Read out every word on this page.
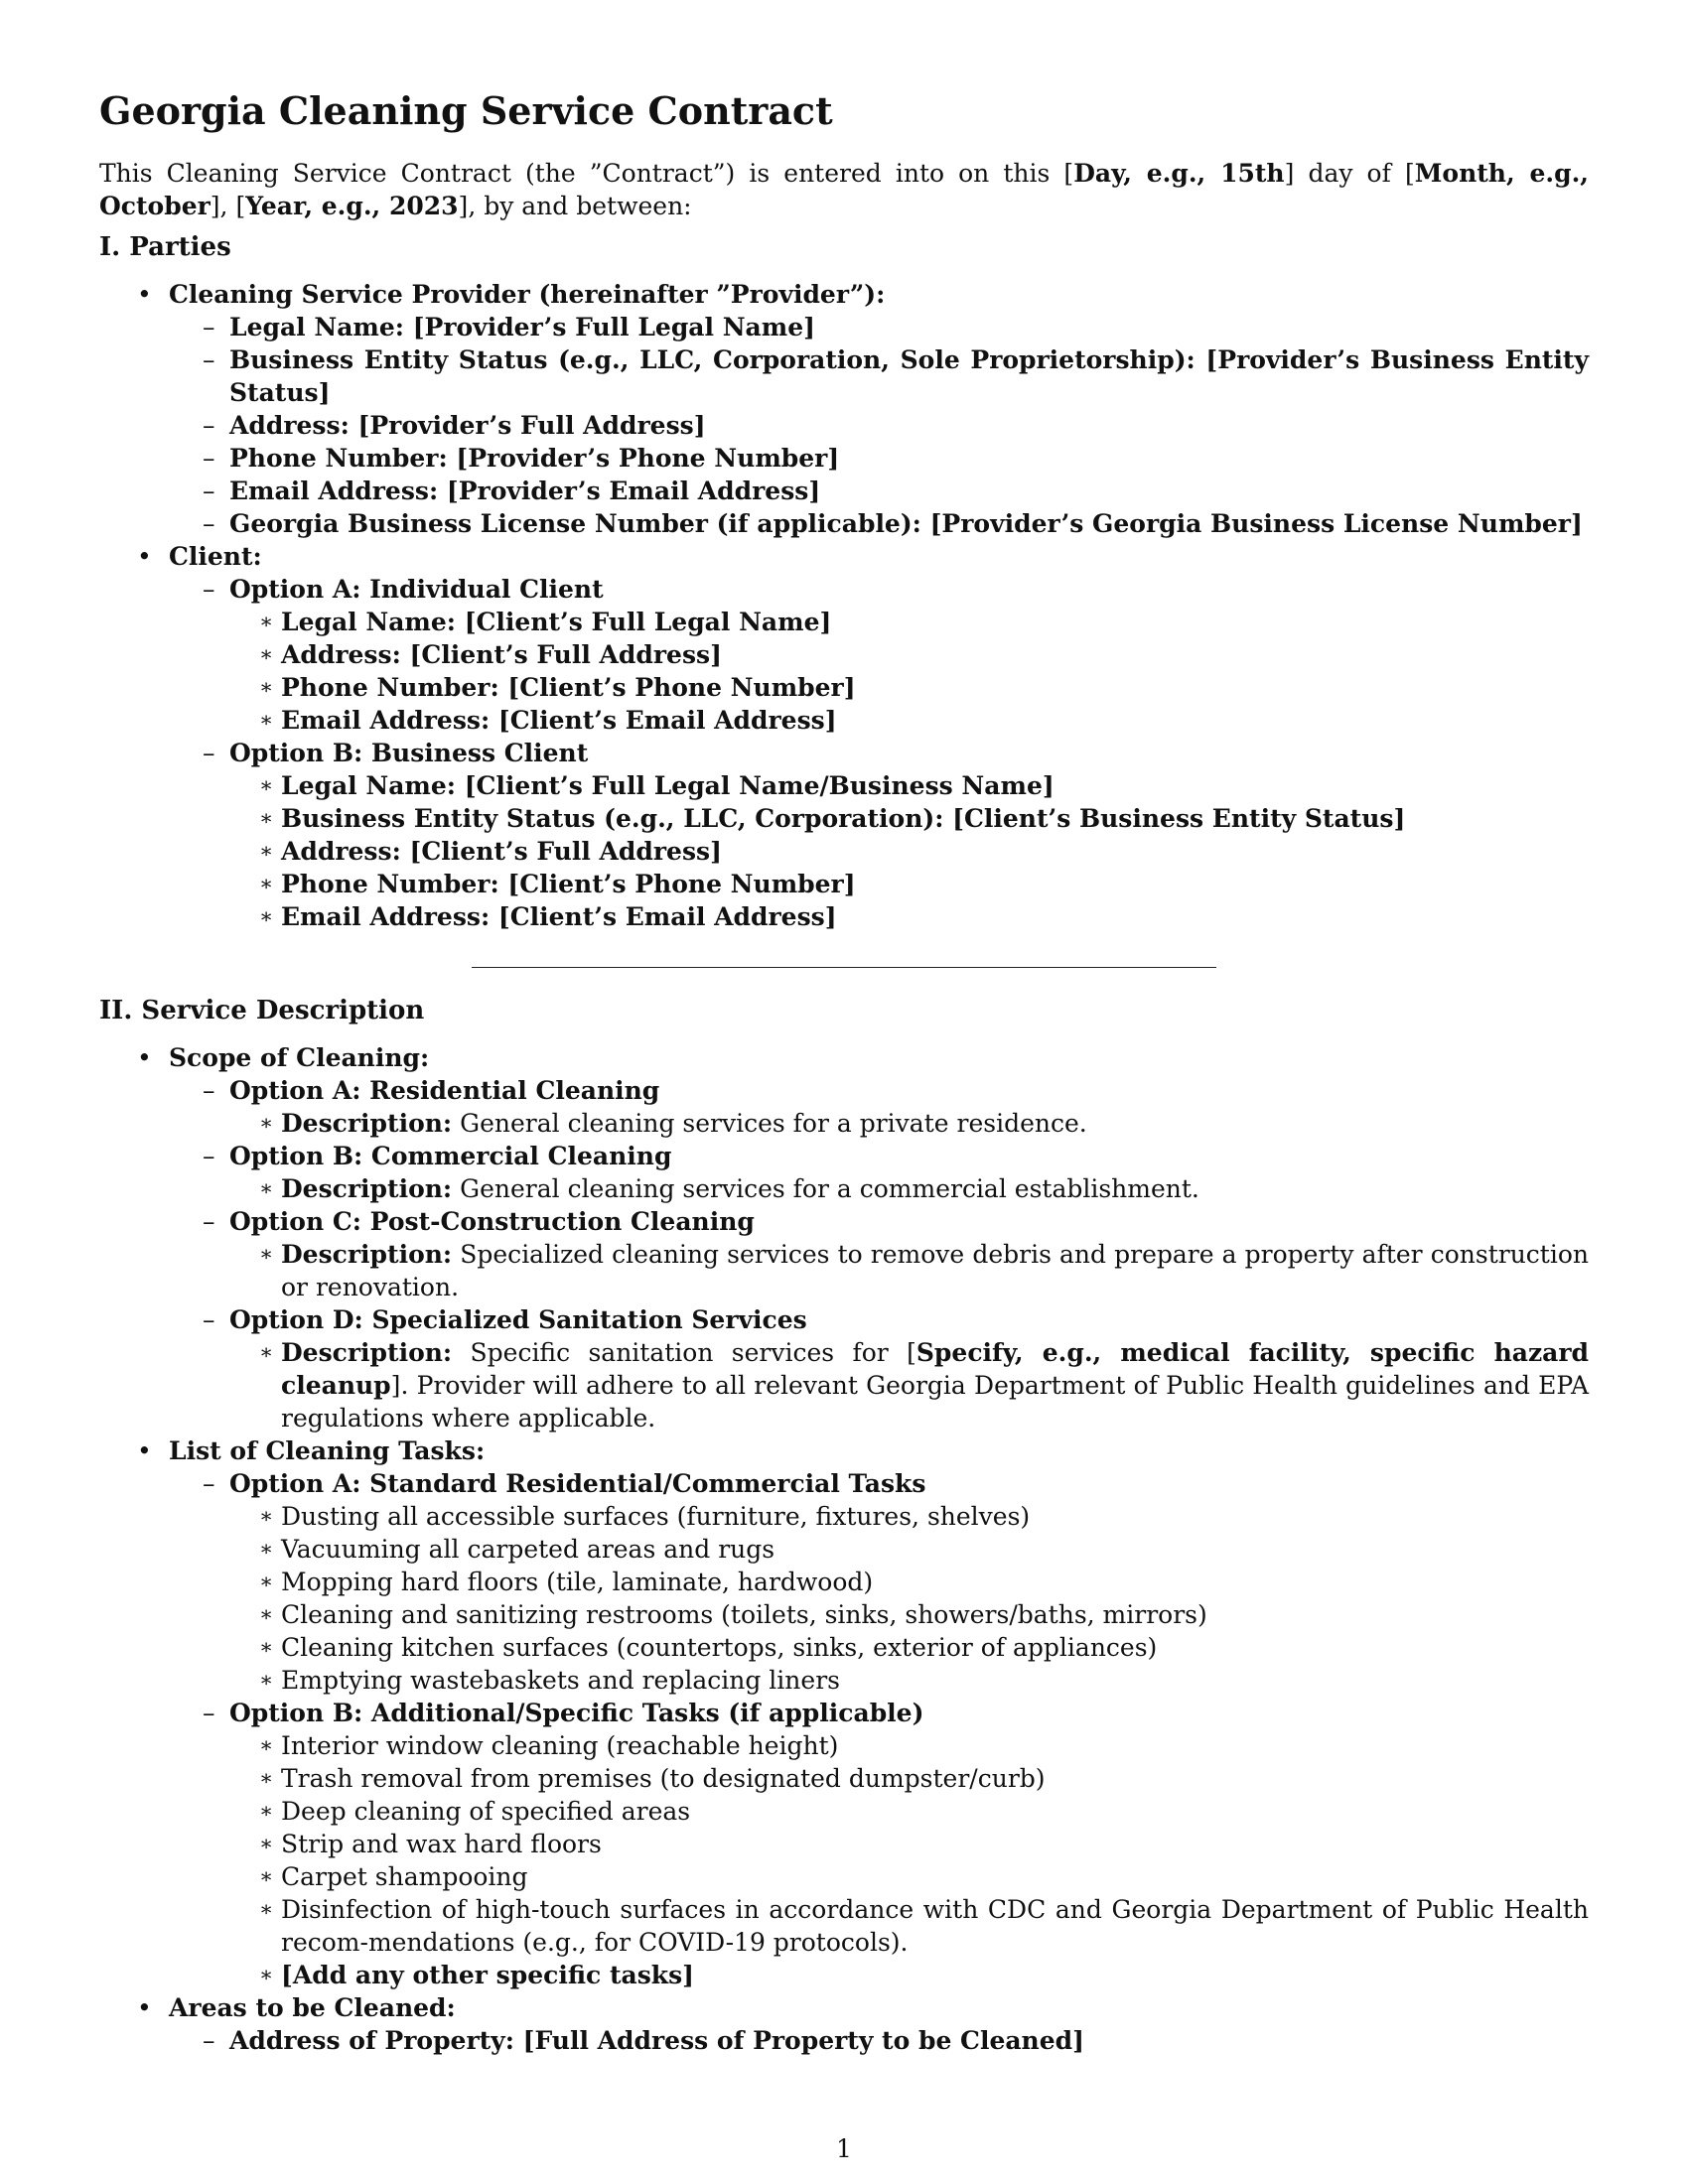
Georgia Cleaning Service Contract

This Cleaning Service Contract (the ”Contract”) is entered into on this [Day, e.g., 15th] day of [Month, e.g., October], [Year, e.g., 2023], by and between:

I. Parties
• Cleaning Service Provider (hereinafter ”Provider”):
– Legal Name: [Provider’s Full Legal Name]
– Business Entity Status (e.g., LLC, Corporation, Sole Proprietorship): [Provider’s Business Entity Status]
– Address: [Provider’s Full Address]
– Phone Number: [Provider’s Phone Number]
– Email Address: [Provider’s Email Address]
– Georgia Business License Number (if applicable): [Provider’s Georgia Business License Number]
• Client:
– Option A: Individual Client
∗ Legal Name: [Client’s Full Legal Name]
∗ Address: [Client’s Full Address]
∗ Phone Number: [Client’s Phone Number]
∗ Email Address: [Client’s Email Address]
– Option B: Business Client
∗ Legal Name: [Client’s Full Legal Name/Business Name]
∗ Business Entity Status (e.g., LLC, Corporation): [Client’s Business Entity Status]
∗ Address: [Client’s Full Address]
∗ Phone Number: [Client’s Phone Number]
∗ Email Address: [Client’s Email Address]
II. Service Description
• Scope of Cleaning:
– Option A: Residential Cleaning
∗ Description: General cleaning services for a private residence.
– Option B: Commercial Cleaning
∗ Description: General cleaning services for a commercial establishment.
– Option C: Post-Construction Cleaning
∗ Description: Specialized cleaning services to remove debris and prepare a property after construction or renovation.
– Option D: Specialized Sanitation Services
∗ Description: Specific sanitation services for [Specify, e.g., medical facility, specific hazard cleanup]. Provider will adhere to all relevant Georgia Department of Public Health guidelines and EPA regulations where applicable.
• List of Cleaning Tasks:
– Option A: Standard Residential/Commercial Tasks
∗ Dusting all accessible surfaces (furniture, fixtures, shelves)
∗ Vacuuming all carpeted areas and rugs
∗ Mopping hard floors (tile, laminate, hardwood)
∗ Cleaning and sanitizing restrooms (toilets, sinks, showers/baths, mirrors)
∗ Cleaning kitchen surfaces (countertops, sinks, exterior of appliances)
∗ Emptying wastebaskets and replacing liners
– Option B: Additional/Specific Tasks (if applicable)
∗ Interior window cleaning (reachable height)
∗ Trash removal from premises (to designated dumpster/curb)
∗ Deep cleaning of specified areas
∗ Strip and wax hard floors
∗ Carpet shampooing
∗ Disinfection of high-touch surfaces in accordance with CDC and Georgia Department of Public Health recom-mendations (e.g., for COVID-19 protocols).
∗ [Add any other specific tasks]
• Areas to be Cleaned:
– Address of Property: [Full Address of Property to be Cleaned]
1
